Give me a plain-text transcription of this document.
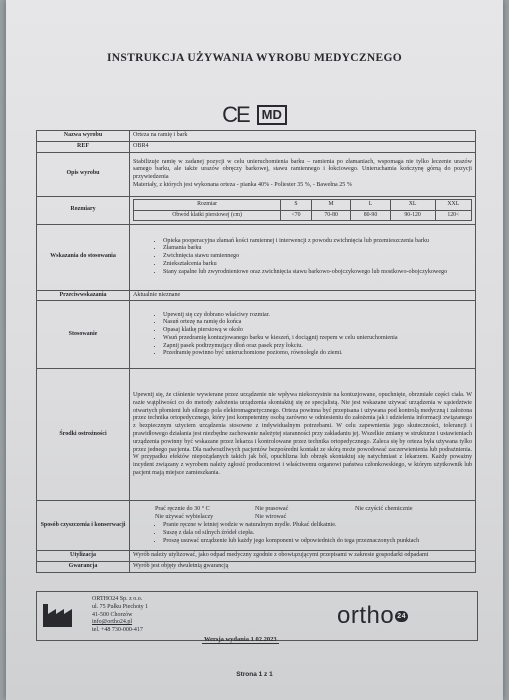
INSTRUKCJA UŻYWANIA WYROBU MEDYCZNEGO
CE	MD
Nazwa wyrobu	Orteza na ramię i bark
REF	OBR4
Opis wyrobu	
Stabilizuje ramię w zadanej pozycji w celu unieruchomienia barku – ramienia po złamaniach, wspomaga nie tylko leczenie urazów samego barku, ale także urazów obręczy barkowej, stawu ramiennego i łokciowego. Unieruchamia kończynę górną do pozycji przywiedzenia
Materiały, z których jest wykonana orteza - pianka 40% - Poliester 35 %, - Bawełna 25 %

Rozmiary	
Rozmiar	S	M	L	XL	XXL
Obwód klatki piersiowej (cm)	<70	70-80	80-90	90-120	120<

Wskazania do stosowania	
• Opieka pooperacyjna złamań kości ramiennej i interwencji z powodu zwichnięcia lub przemieszczenia barku
• Złamania barku
• Zwichnięcia stawu ramiennego
• Zniekształcenia barku
• Stany zapalne lub zwyrodnieniowe oraz zwichnięcia stawu barkowo-obojczykowego lub mostkowo-obojczykowego

Przeciwwskazania	Aktualnie nieznane
Stosowanie	
• Upewnij się czy dobrano właściwy rozmiar.
• Nasuń ortezę na ramię do końca
• Opasaj klatkę piersiową w około
• Wsuń przedramię kontuzjowanego barku w kieszeń, i dociągnij rzepem w celu unieruchomienia
• Zapnij pasek podtrzymujący dłoń oraz pasek przy łokciu.
• Przedramię powinno być unieruchomione poziomo, równolegle do ziemi.

Środki ostrożności	Upewnij się, że ciśnienie wywierane przez urządzenie nie wpływa niekorzystnie na kontuzjowane, opuchnięte, obrzmiałe części ciała. W razie wątpliwości co do metody założenia urządzenia skontaktuj się ze specjalistą. Nie jest wskazane używać urządzenia w sąsiedztwie otwartych płomieni lub silnego pola elektromagnetycznego. Orteza powinna być przepisana i używana pod kontrolą medyczną i założona przez technika ortopedycznego, który jest kompetentny osobą zarówno w odniesieniu do założenia jak i udzielenia informacji związanego z bezpiecznym użyciem urządzenia stosowne z indywidualnym potrzebami. W celu zapewnienia jego skuteczności, tolerancji i prawidłowego działania jest niezbędne zachowanie należytej staranności przy zakładaniu jej. Wszelkie zmiany w strukturze i ustawieniach urządzenia powinny być wskazane przez lekarza i kontrolowane przez technika ortopedycznego. Zaleca się by orteza była używana tylko przez jednego pacjenta. Dla nadwrażliwych pacjentów bezpośredni kontakt ze skórą może powodować zaczerwienienia lub podrażnienia. W przypadku efektów niepożądanych takich jak ból, opuchlizna lub obrzęk skontaktuj się natychmiast z lekarzem. Każdy poważny incydent związany z wyrobem należy zgłosić producentowi i właściwemu organowi państwa członkowskiego, w którym użytkownik lub pacjent mają miejsce zamieszkania.
Sposób czyszczenia i konserwacji	
Prać ręcznie do 30 ° C	Nie prasować	Nie czyścić chemicznie
Nie używać wybielaczy	Nie wirować
• Pranie ręczne w letniej wodzie w naturalnym mydle. Płukać delikatnie.
• Suszę z dala od silnych źródeł ciepła.
• Proszę usuwać urządzenie lub każdy jego komponent w odpowiednich do tega przeznaczonych punktach

Utylizacja	Wyrób należy utylizować, jako odpad medyczny zgodnie z obowiązującymi przepisami w zakresie gospodarki odpadami
Gwarancja	Wyrób jest objęty dwuletnią gwarancją
ORTHO24 Sp. z o.o.
ul. 75 Pułku Piechoty 1
41-500 Chorzów
info@ortho24.pl
tel. +48 730-000-417
ortho 24
Wersja wydania 1 02.2023
Strona 1 z 1
